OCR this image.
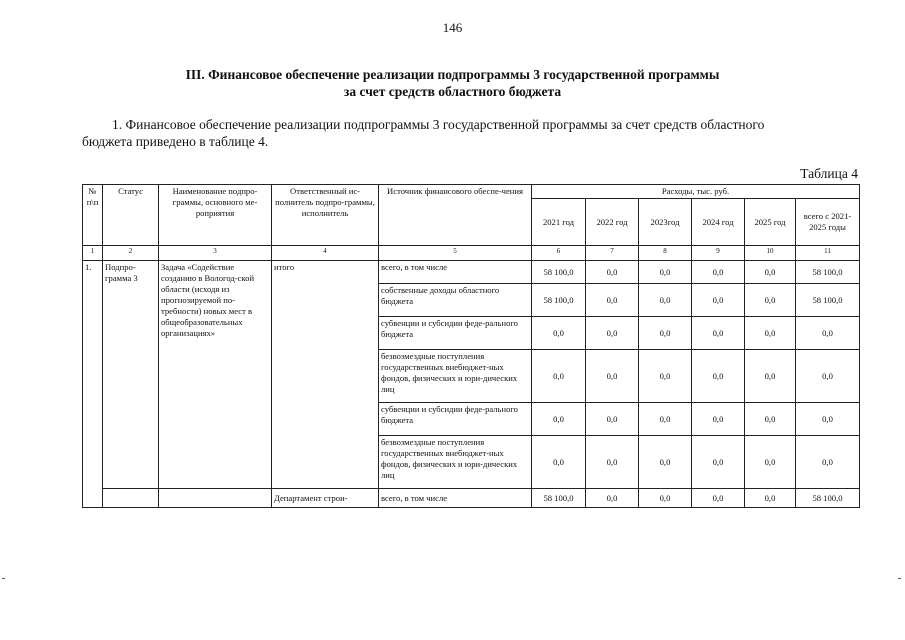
146
III. Финансовое обеспечение реализации подпрограммы 3 государственной программы
за счет средств областного бюджета
1. Финансовое обеспечение реализации подпрограммы 3 государственной программы за счет средств областного
бюджета приведено в таблице 4.
Таблица 4
№ п\п	Статус	Наименование подпро-граммы, основного ме-роприятия	Ответственный ис-полнитель подпро-граммы, исполнитель	Источник финансового обеспе-чения	Расходы, тыс. руб.					
					2021 год	2022 год	2023год	2024 год	2025 год	всего с 2021- 2025 годы
1	2	3	4	5	6	7	8	9	10	11
1.	Подпро-грамма 3	Задача «Содействие созданию в Вологод-ской области (исходя из прогнозируемой по-требности) новых мест в общеобразовательных организациях»	итого	всего, в том числе	58 100,0	0,0	0,0	0,0	0,0	58 100,0
				собственные доходы областного бюджета	58 100,0	0,0	0,0	0,0	0,0	58 100,0
				субвенции и субсидии феде-рального бюджета	0,0	0,0	0,0	0,0	0,0	0,0
				безвозмездные поступления государственных внебюджет-ных фондов, физических и юри-дических лиц	0,0	0,0	0,0	0,0	0,0	0,0
				субвенции и субсидии феде-рального бюджета	0,0	0,0	0,0	0,0	0,0	0,0
				безвозмездные поступления государственных внебюджет-ных фондов, физических и юри-дических лиц	0,0	0,0	0,0	0,0	0,0	0,0
			Департамент строи-	всего, в том числе	58 100,0	0,0	0,0	0,0	0,0	58 100,0
